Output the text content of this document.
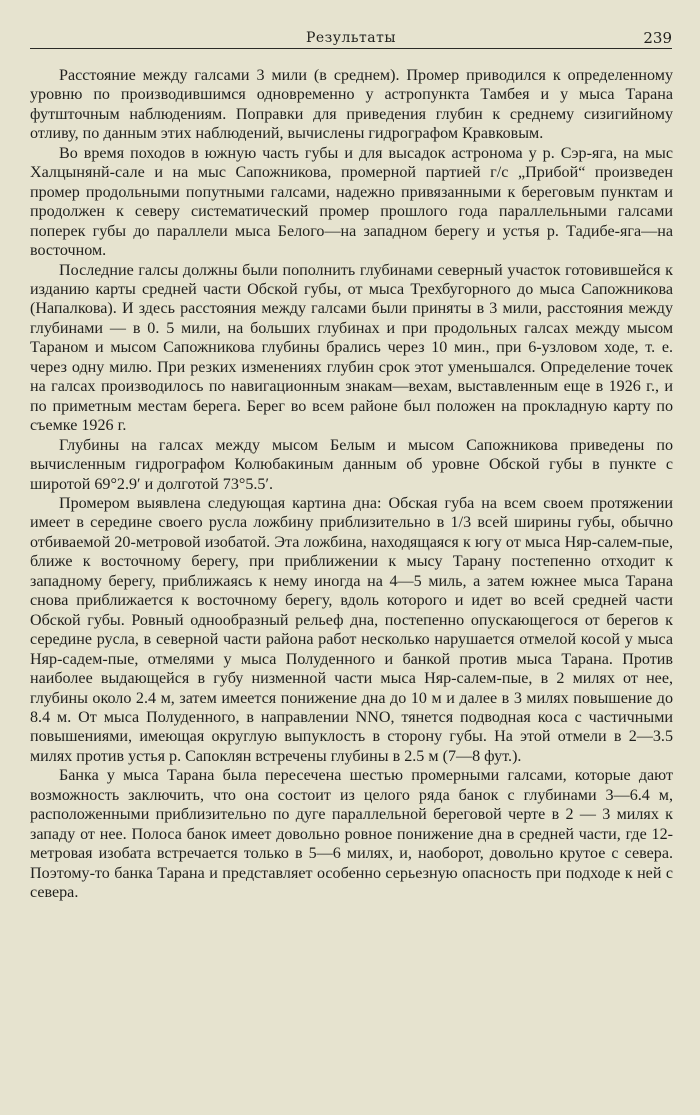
Результаты	239

Расстояние между галсами 3 мили (в среднем). Промер приводился к определенному уровню по производившимся одновременно у астропункта Тамбея и у мыса Тарана футшточным наблюдениям. Поправки для приведения глубин к среднему сизигийному отливу, по данным этих наблюдений, вычислены гидрографом Кравковым.

Во время походов в южную часть губы и для высадок астронома у р. Сэр-яга, на мыс Халцынянй-сале и на мыс Сапожникова, промерной партией г/с „Прибой“ произведен промер продольными попутными галсами, надежно привязанными к береговым пунктам и продолжен к северу систематический промер прошлого года параллельными галсами поперек губы до параллели мыса Белого—на западном берегу и устья р. Тадибе-яга—на восточном.

Последние галсы должны были пополнить глубинами северный участок готовившейся к изданию карты средней части Обской губы, от мыса Трехбугорного до мыса Сапожникова (Напалкова). И здесь расстояния между галсами были приняты в 3 мили, расстояния между глубинами — в 0. 5 мили, на больших глубинах и при продольных галсах между мысом Тараном и мысом Сапожникова глубины брались через 10 мин., при 6-узловом ходе, т. е. через одну милю. При резких изменениях глубин срок этот уменьшался. Определение точек на галсах производилось по навигационным знакам—вехам, выставленным еще в 1926 г., и по приметным местам берега. Берег во всем районе был положен на прокладную карту по съемке 1926 г.

Глубины на галсах между мысом Белым и мысом Сапожникова приведены по вычисленным гидрографом Колюбакиным данным об уровне Обской губы в пункте с широтой 69°2.9′ и долготой 73°5.5′.

Промером выявлена следующая картина дна: Обская губа на всем своем протяжении имеет в середине своего русла ложбину приблизительно в 1/3 всей ширины губы, обычно отбиваемой 20-метровой изобатой. Эта ложбина, находящаяся к югу от мыса Няр-салем-пые, ближе к восточному берегу, при приближении к мысу Тарану постепенно отходит к западному берегу, приближаясь к нему иногда на 4—5 миль, а затем южнее мыса Тарана снова приближается к восточному берегу, вдоль которого и идет во всей средней части Обской губы. Ровный однообразный рельеф дна, постепенно опускающегося от берегов к середине русла, в северной части района работ несколько нарушается отмелой косой у мыса Няр-садем-пые, отмелями у мыса Полуденного и банкой против мыса Тарана. Против наиболее выдающейся в губу низменной части мыса Няр-салем-пые, в 2 милях от нее, глубины около 2.4 м, затем имеется понижение дна до 10 м и далее в 3 милях повышение до 8.4 м. От мыса Полуденного, в направлении NNO, тянется подводная коса с частичными повышениями, имеющая округлую выпуклость в сторону губы. На этой отмели в 2—3.5 милях против устья р. Сапоклян встречены глубины в 2.5 м (7—8 фут.).

Банка у мыса Тарана была пересечена шестью промерными галсами, которые дают возможность заключить, что она состоит из целого ряда банок с глубинами 3—6.4 м, расположенными приблизительно по дуге параллельной береговой черте в 2 — 3 милях к западу от нее. Полоса банок имеет довольно ровное понижение дна в средней части, где 12-метровая изобата встречается только в 5—6 милях, и, наоборот, довольно крутое с севера. Поэтому-то банка Тарана и представляет особенно серьезную опасность при подходе к ней с севера.
